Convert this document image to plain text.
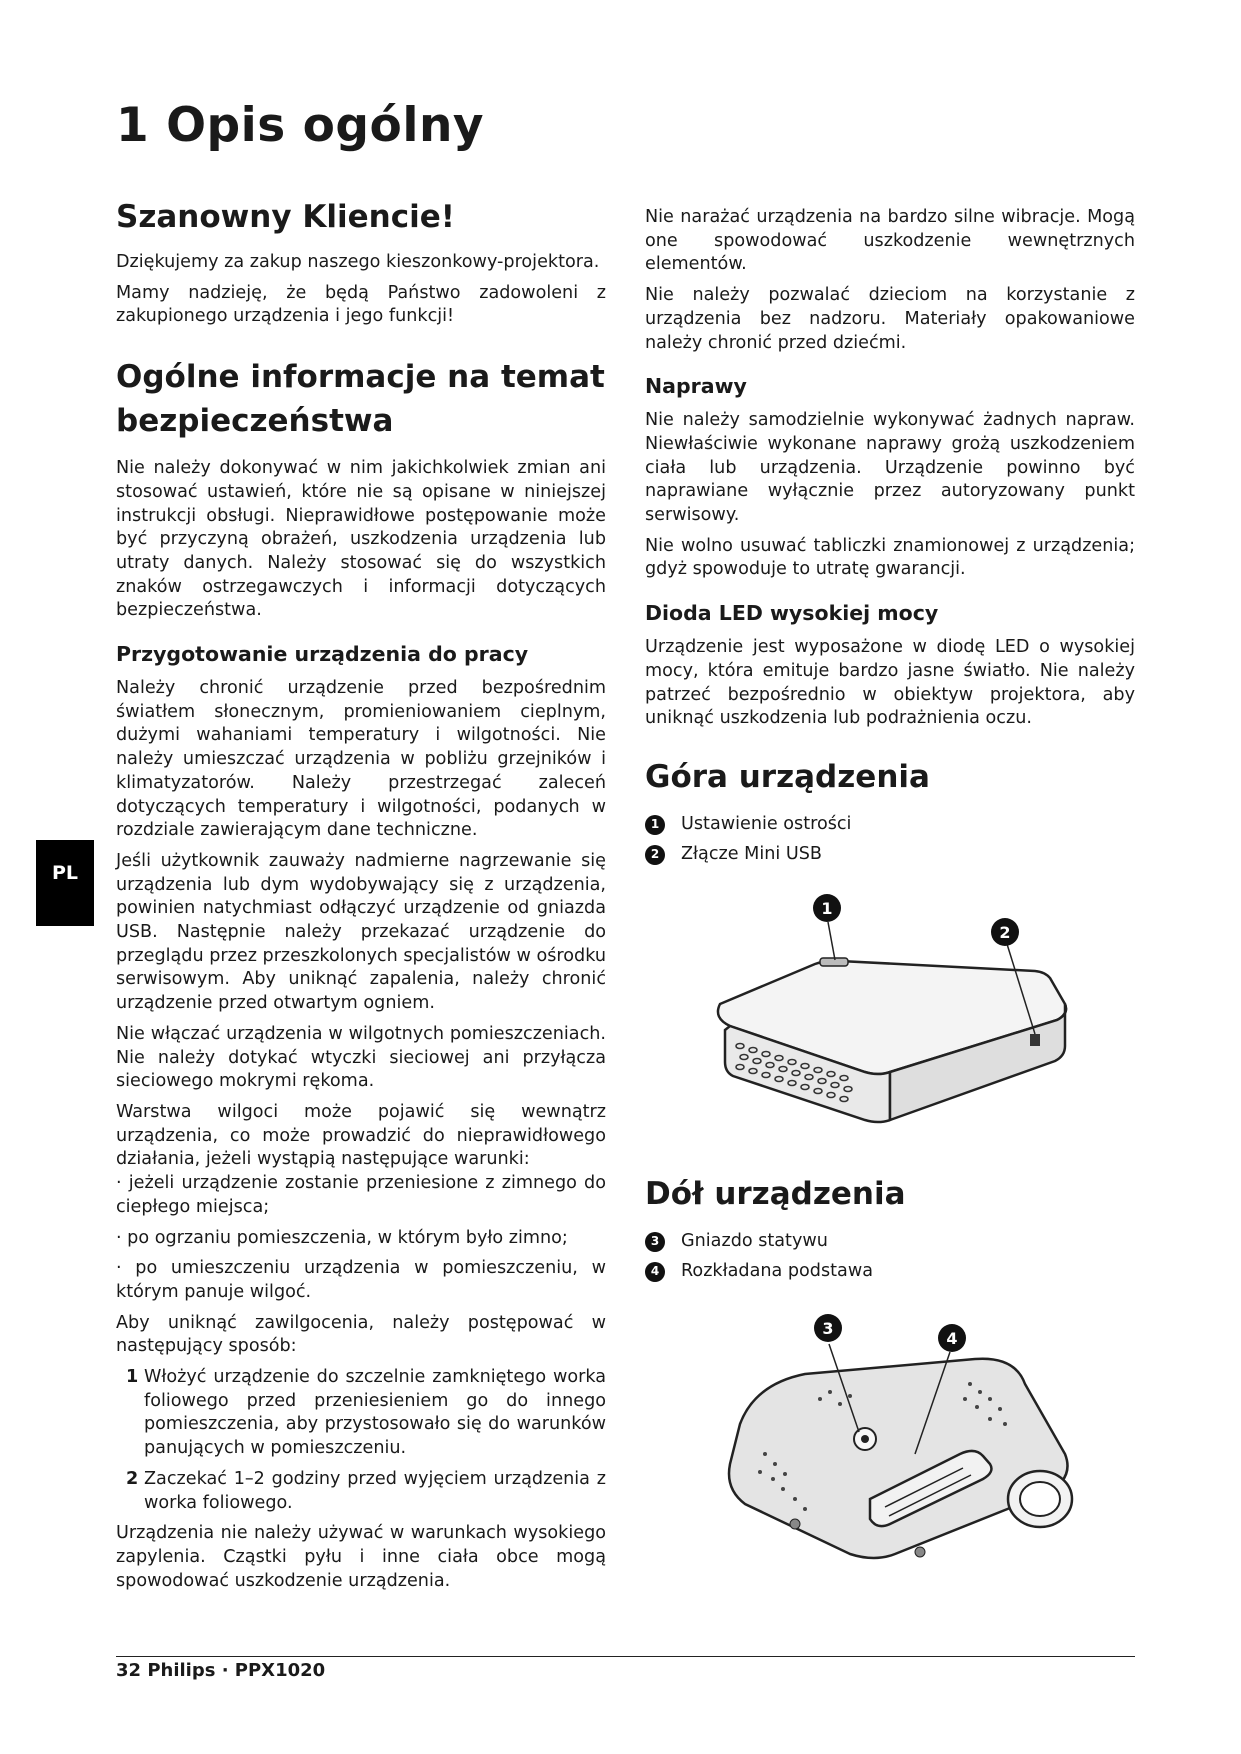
1 Opis ogólny
PL
Szanowny Kliencie!

Dziękujemy za zakup naszego kieszonkowy-projektora.

Mamy nadzieję, że będą Państwo zadowoleni z zakupionego urządzenia i jego funkcji!

Ogólne informacje na temat bezpieczeństwa

Nie należy dokonywać w nim jakichkolwiek zmian ani stosować ustawień, które nie są opisane w niniejszej instrukcji obsługi. Nieprawidłowe postępowanie może być przyczyną obrażeń, uszkodzenia urządzenia lub utraty danych. Należy stosować się do wszystkich znaków ostrzegawczych i informacji dotyczących bezpieczeństwa.

Przygotowanie urządzenia do pracy

Należy chronić urządzenie przed bezpośrednim światłem słonecznym, promieniowaniem cieplnym, dużymi wahaniami temperatury i wilgotności. Nie należy umieszczać urządzenia w pobliżu grzejników i klimatyzatorów. Należy przestrzegać zaleceń dotyczących temperatury i wilgotności, podanych w rozdziale zawierającym dane techniczne.

Jeśli użytkownik zauważy nadmierne nagrzewanie się urządzenia lub dym wydobywający się z urządzenia, powinien natychmiast odłączyć urządzenie od gniazda USB. Następnie należy przekazać urządzenie do przeglądu przez przeszkolonych specjalistów w ośrodku serwisowym. Aby uniknąć zapalenia, należy chronić urządzenie przed otwartym ogniem.

Nie włączać urządzenia w wilgotnych pomieszczeniach. Nie należy dotykać wtyczki sieciowej ani przyłącza sieciowego mokrymi rękoma.

Warstwa wilgoci może pojawić się wewnątrz urządzenia, co może prowadzić do nieprawidłowego działania, jeżeli wystąpią następujące warunki:

· jeżeli urządzenie zostanie przeniesione z zimnego do ciepłego miejsca;

· po ogrzaniu pomieszczenia, w którym było zimno;

· po umieszczeniu urządzenia w pomieszczeniu, w którym panuje wilgoć.

Aby uniknąć zawilgocenia, należy postępować w następujący sposób:

1 Włożyć urządzenie do szczelnie zamkniętego worka foliowego przed przeniesieniem go do innego pomieszczenia, aby przystosowało się do warunków panujących w pomieszczeniu.

2 Zaczekać 1–2 godziny przed wyjęciem urządzenia z worka foliowego.

Urządzenia nie należy używać w warunkach wysokiego zapylenia. Cząstki pyłu i inne ciała obce mogą spowodować uszkodzenie urządzenia.

Nie narażać urządzenia na bardzo silne wibracje. Mogą one spowodować uszkodzenie wewnętrznych elementów.

Nie należy pozwalać dzieciom na korzystanie z urządzenia bez nadzoru. Materiały opakowaniowe należy chronić przed dziećmi.

Naprawy

Nie należy samodzielnie wykonywać żadnych napraw. Niewłaściwie wykonane naprawy grożą uszkodzeniem ciała lub urządzenia. Urządzenie powinno być naprawiane wyłącznie przez autoryzowany punkt serwisowy.

Nie wolno usuwać tabliczki znamionowej z urządzenia; gdyż spowoduje to utratę gwarancji.

Dioda LED wysokiej mocy

Urządzenie jest wyposażone w diodę LED o wysokiej mocy, która emituje bardzo jasne światło. Nie należy patrzeć bezpośrednio w obiektyw projektora, aby uniknąć uszkodzenia lub podrażnienia oczu.

Góra urządzenia
1	Ustawienie ostrości
2	Złącze Mini USB
1
2
Dół urządzenia
3	Gniazdo statywu
4	Rozkładana podstawa
3
4
32 Philips · PPX1020
